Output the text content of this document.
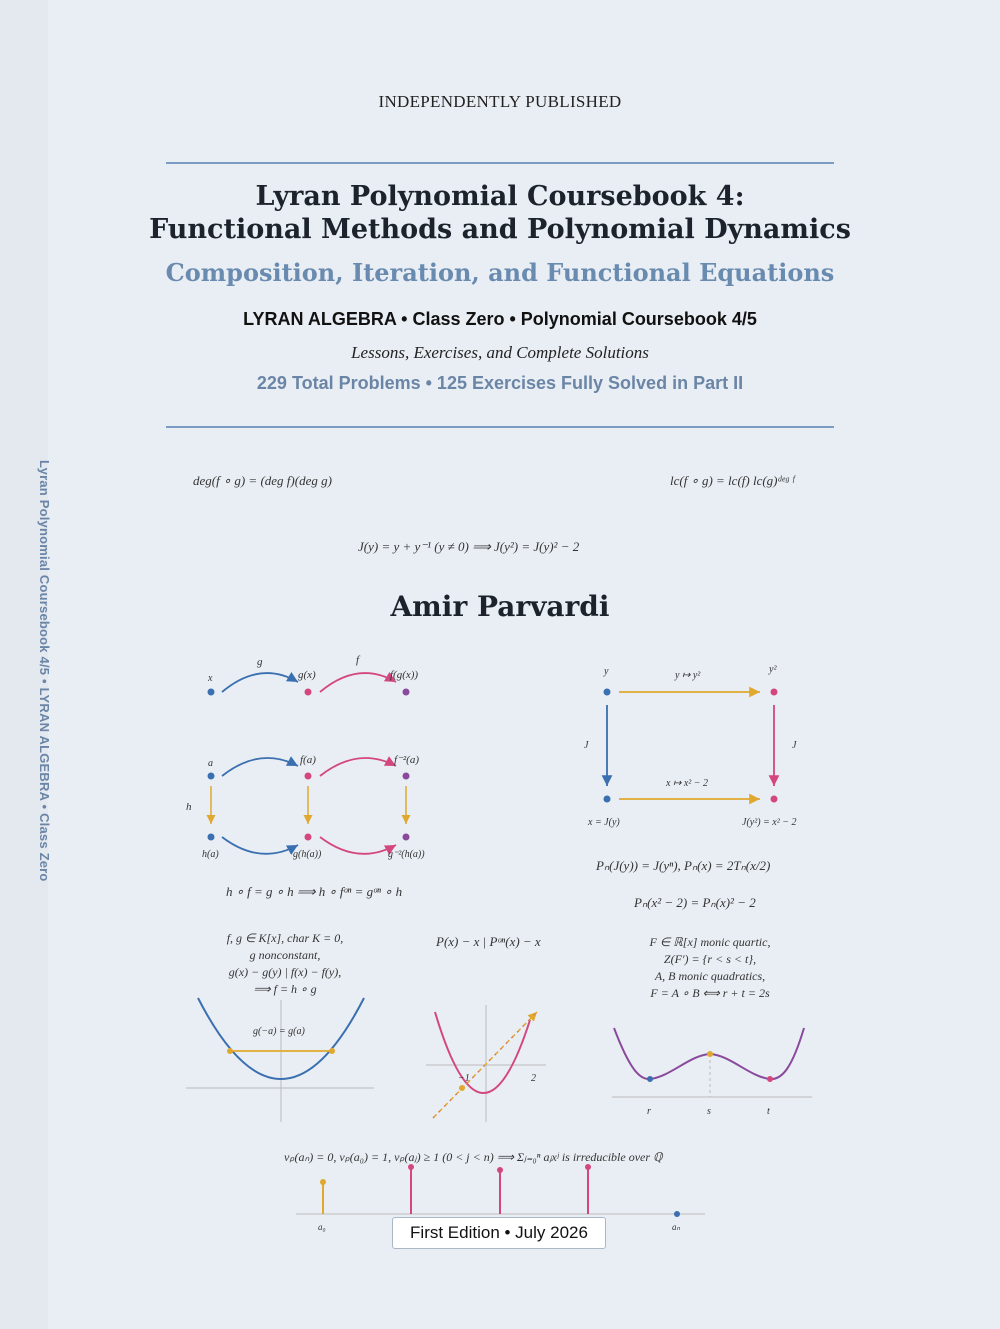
Lyran Polynomial Coursebook 4/5 • LYRAN ALGEBRA • Class Zero
INDEPENDENTLY PUBLISHED
Lyran Polynomial Coursebook 4:
Functional Methods and Polynomial Dynamics
Composition, Iteration, and Functional Equations
LYRAN ALGEBRA • Class Zero • Polynomial Coursebook 4/5
Lessons, Exercises, and Complete Solutions
229 Total Problems • 125 Exercises Fully Solved in Part II
deg(f ∘ g) = (deg f)(deg g)	lc(f ∘ g) = lc(f) lc(g)ᵈᵉᵍ ᶠ
J(y) = y + y⁻¹ (y ≠ 0) ⟹ J(y²) = J(y)² − 2
Amir Parvardi
x
g
g(x)
f
f(g(x))
a	f(a)	f⁻²(a)
h
h(a)	g(h(a))	g⁻²(h(a))
y	y²
y ↦ y²
J	J
x ↦ x² − 2
x = J(y)	J(y²) = x² − 2
g(−a) = g(a)
−1	2
r	s	t
a₀	aₙ
h ∘ f = g ∘ h ⟹ h ∘ fᵒⁿ = gᵒⁿ ∘ h
Pₙ(J(y)) = J(yⁿ), Pₙ(x) = 2Tₙ(x/2)
Pₙ(x² − 2) = Pₙ(x)² − 2
f, g ∈ K[x], char K = 0,
g nonconstant,
g(x) − g(y) | f(x) − f(y),
⟹ f = h ∘ g
P(x) − x | Pᵒⁿ(x) − x	F ∈ ℝ[x] monic quartic,
Z(F′) = {r < s < t},
A, B monic quadratics,
F = A ∘ B ⟺ r + t = 2s
vₚ(aₙ) = 0, vₚ(a₀) = 1, vₚ(aⱼ) ≥ 1 (0 < j < n) ⟹ Σⱼ₌₀ⁿ aⱼxʲ is irreducible over ℚ
First Edition • July 2026
